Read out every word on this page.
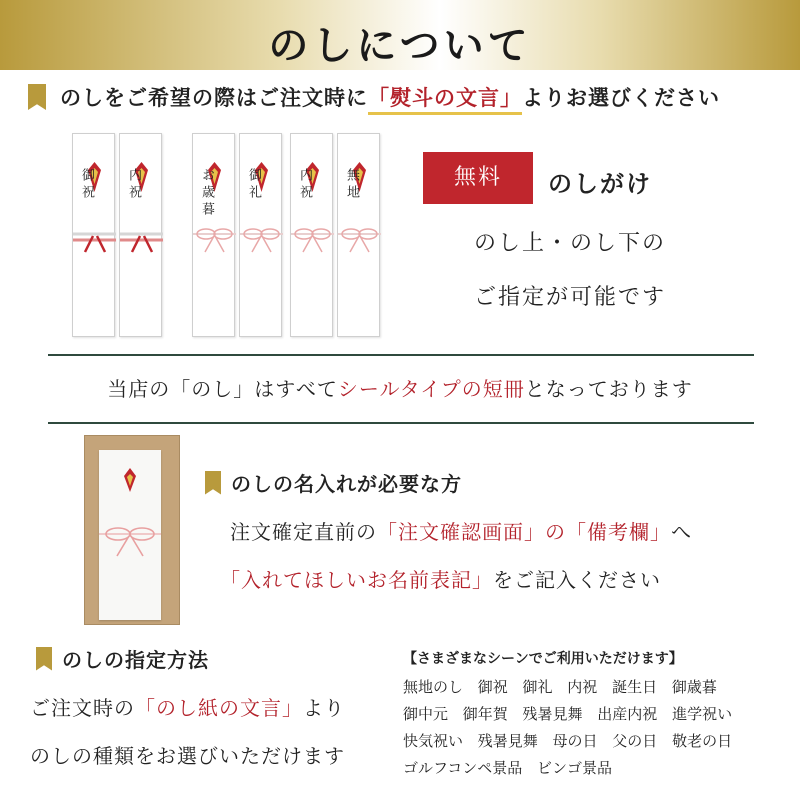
のしについて
のしをご希望の際はご注文時に「熨斗の文言」よりお選びください
御祝	内祝	お歳暮	御礼	内祝	無地	無料	のしがけ
のし上・のし下の
ご指定が可能です
当店の「のし」はすべてシールタイプの短冊となっております
のしの名入れが必要な方
注文確定直前の「注文確認画面」の「備考欄」へ
「入れてほしいお名前表記」をご記入ください
のしの指定方法
ご注文時の「のし紙の文言」より
のしの種類をお選びいただけます
【さまざまなシーンでご利用いただけます】
無地のし 御祝 御礼 内祝 誕生日 御歳暮
御中元 御年賀 残暑見舞 出産内祝 進学祝い
快気祝い 残暑見舞 母の日 父の日 敬老の日
ゴルフコンペ景品 ビンゴ景品
